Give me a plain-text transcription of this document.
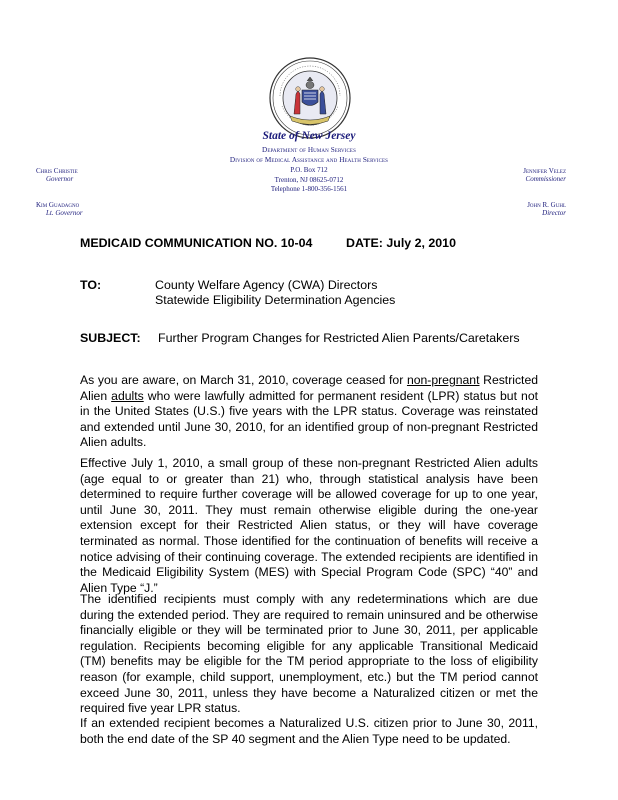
State of New Jersey
Department of Human Services
Division of Medical Assistance and Health Services
P.O. Box 712
Trenton, NJ 08625-0712
Telephone 1-800-356-1561
Chris Christie
Governor
Kim Guadagno
Lt. Governor
Jennifer Velez
Commissioner
John R. Guhl
Director
MEDICAID COMMUNICATION NO. 10-04	DATE: July 2, 2010
TO:	County Welfare Agency (CWA) Directors
Statewide Eligibility Determination Agencies
SUBJECT: Further Program Changes for Restricted Alien Parents/Caretakers
As you are aware, on March 31, 2010, coverage ceased for non-pregnant Restricted Alien adults who were lawfully admitted for permanent resident (LPR) status but not in the United States (U.S.) five years with the LPR status. Coverage was reinstated and extended until June 30, 2010, for an identified group of non-pregnant Restricted Alien adults.
Effective July 1, 2010, a small group of these non-pregnant Restricted Alien adults (age equal to or greater than 21) who, through statistical analysis have been determined to require further coverage will be allowed coverage for up to one year, until June 30, 2011. They must remain otherwise eligible during the one-year extension except for their Restricted Alien status, or they will have coverage terminated as normal. Those identified for the continuation of benefits will receive a notice advising of their continuing coverage. The extended recipients are identified in the Medicaid Eligibility System (MES) with Special Program Code (SPC) “40” and Alien Type “J.”
The identified recipients must comply with any redeterminations which are due during the extended period. They are required to remain uninsured and be otherwise financially eligible or they will be terminated prior to June 30, 2011, per applicable regulation. Recipients becoming eligible for any applicable Transitional Medicaid (TM) benefits may be eligible for the TM period appropriate to the loss of eligibility reason (for example, child support, unemployment, etc.) but the TM period cannot exceed June 30, 2011, unless they have become a Naturalized citizen or met the required five year LPR status.
If an extended recipient becomes a Naturalized U.S. citizen prior to June 30, 2011, both the end date of the SP 40 segment and the Alien Type need to be updated.
